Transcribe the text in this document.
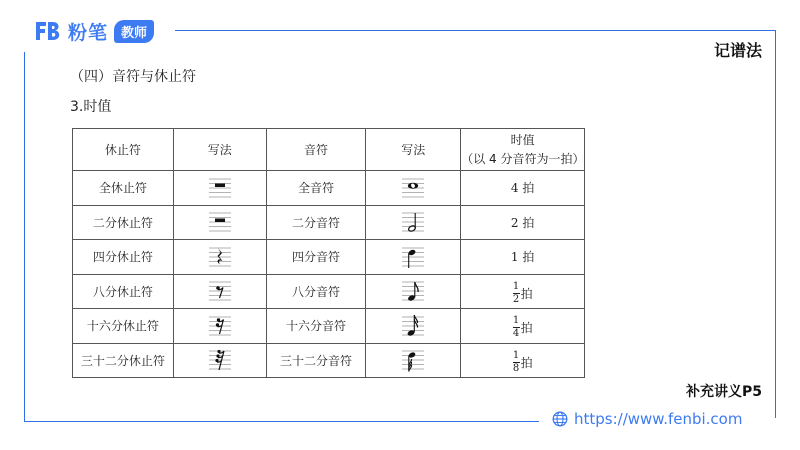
粉笔	教师
记谱法
（四）音符与休止符
3.时值
休止符	写法	音符	写法	时值
（以 4 分音符为一拍）

全休止符		全音符		4 拍
二分休止符		二分音符		2 拍
四分休止符		四分音符		1 拍
八分休止符		八分音符		$\frac{1}{2}$ 拍

十六分休止符		十六分音符		$\frac{1}{4}$ 拍

三十二分休止符		三十二分音符		$\frac{1}{8}$ 拍
补充讲义P5
https://www.fenbi.com
